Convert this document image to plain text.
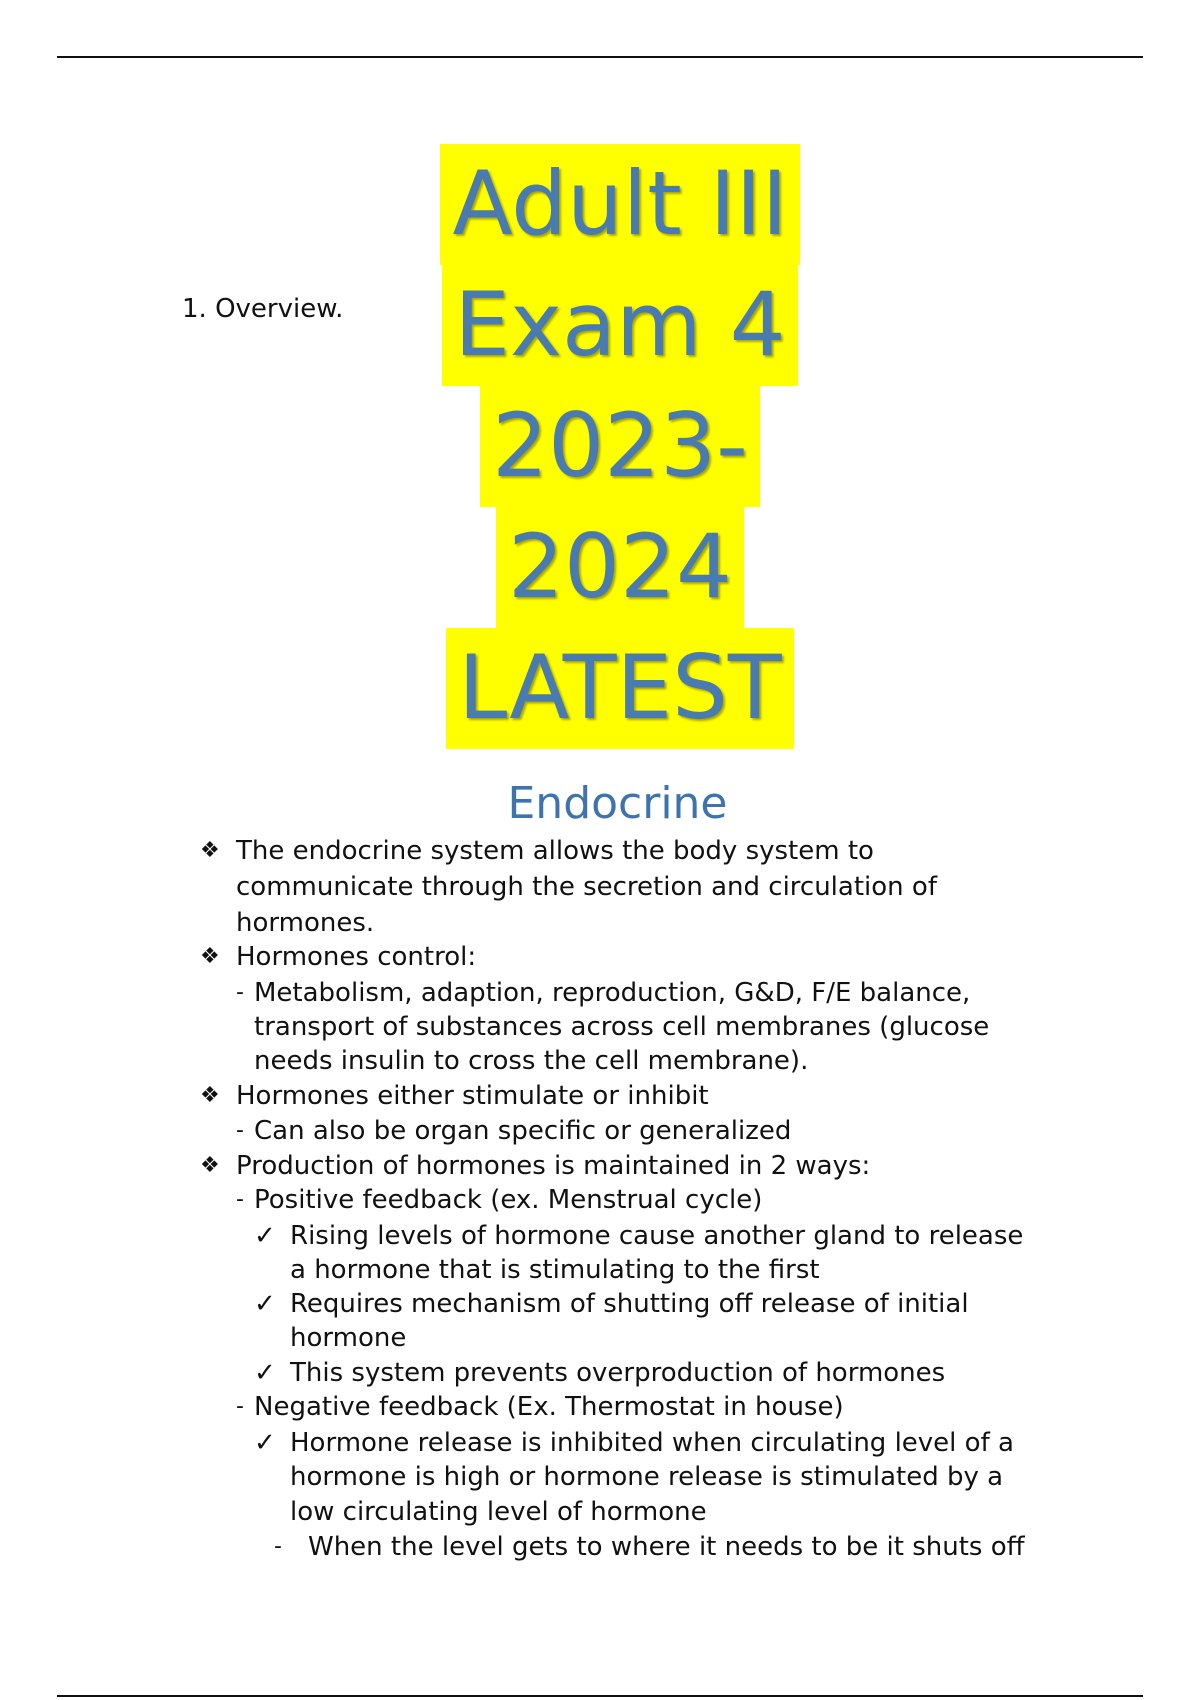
1. Overview.
Adult III
Exam 4
2023-
2024
LATEST
Endocrine
❖ The endocrine system allows the body system to
communicate through the secretion and circulation of
hormones.
❖ Hormones control:
- Metabolism, adaption, reproduction, G&D, F/E balance,
transport of substances across cell membranes (glucose
needs insulin to cross the cell membrane).
❖ Hormones either stimulate or inhibit
- Can also be organ specific or generalized
❖ Production of hormones is maintained in 2 ways:
- Positive feedback (ex. Menstrual cycle)
✓ Rising levels of hormone cause another gland to release
a hormone that is stimulating to the first
✓ Requires mechanism of shutting off release of initial
hormone
✓ This system prevents overproduction of hormones
- Negative feedback (Ex. Thermostat in house)
✓ Hormone release is inhibited when circulating level of a
hormone is high or hormone release is stimulated by a
low circulating level of hormone
- When the level gets to where it needs to be it shuts off
